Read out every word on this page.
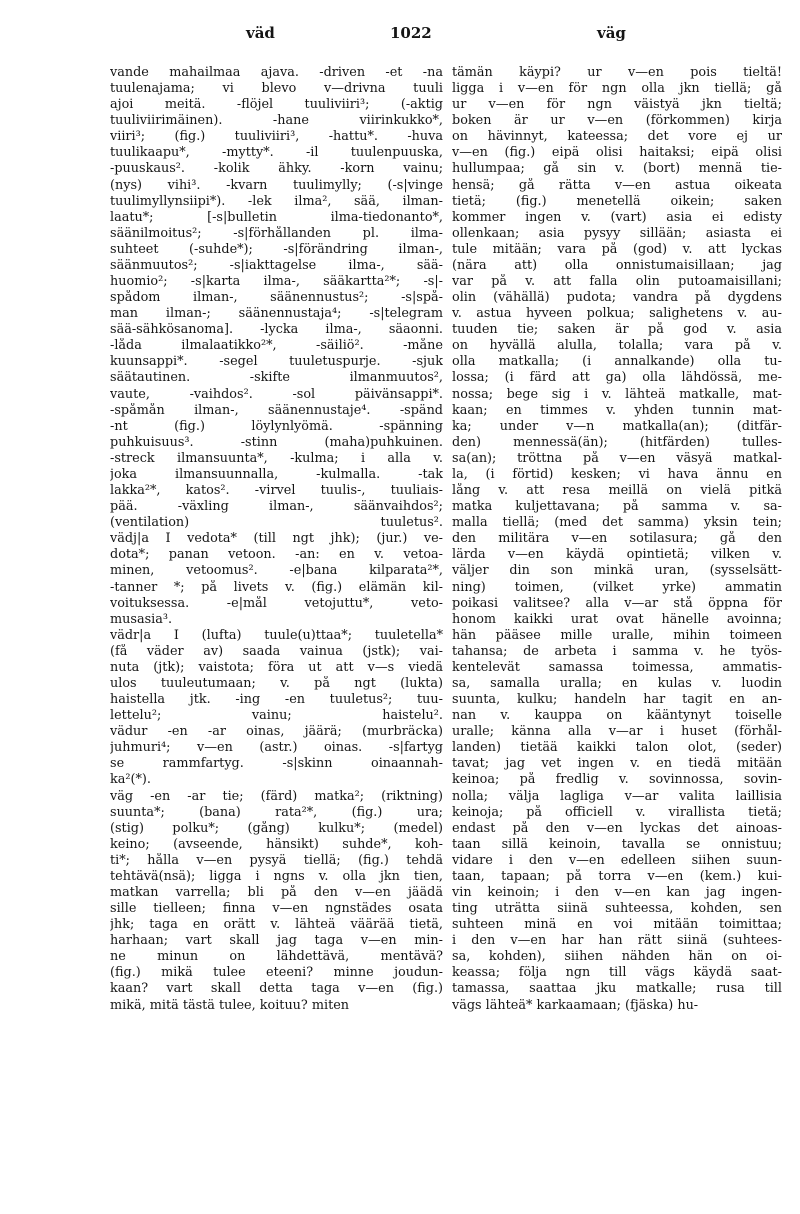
väd	1022	väg
vande mahailmaa ajava. -driven -et -na
tuulenajama; vi blevo v—drivna tuuli
ajoi meitä. -flöjel tuuliviiri³; (-aktig
tuuliviirimäinen). -hane viirinkukko*,
viiri³; (fig.) tuuliviiri³, -hattu*. -huva
tuulikaapu*, -mytty*. -il tuulenpuuska,
-puuskaus². -kolik ähky. -korn vainu;
(nys) vihi³. -kvarn tuulimylly; (-s|vinge
tuulimyllynsiipi*). -lek ilma², sää, ilman-
laatu*; [-s|bulletin ilma-tiedonanto*,
säänilmoitus²; -s|förhållanden pl. ilma-
suhteet (-suhde*); -s|förändring ilman-,
säänmuutos²; -s|iakttagelse ilma-, sää-
huomio²; -s|karta ilma-, sääkartta²*; -s|-
spådom ilman-, säänennustus²; -s|spå-
man ilman-; säänennustaja⁴; -s|telegram
sää-sähkösanoma]. -lycka ilma-, säaonni.
-låda ilmalaatikko²*, -säiliö². -måne
kuunsappi*. -segel tuuletuspurje. -sjuk
säätautinen. -skifte ilmanmuutos²,
vaute, -vaihdos². -sol päivänsappi*.
-spåmån ilman-, säänennustaje⁴. -spänd
-nt (fig.) löylynlyömä. -spänning
puhkuisuus³. -stinn (maha)puhkuinen.
-streck ilmansuunta*, -kulma; i alla v.
joka ilmansuunnalla, -kulmalla. -tak
lakka²*, katos². -virvel tuulis-, tuuliais-
pää. -växling ilman-, säänvaihdos²;
(ventilation) tuuletus².
vädj|a I vedota* (till ngt jhk); (jur.) ve-
dota*; panan vetoon. -an: en v. vetoa-
minen, vetoomus². -e|bana kilparata²*,
-tanner *; på livets v. (fig.) elämän kil-
voituksessa. -e|mål vetojuttu*, veto-
musasia³.
vädr|a I (lufta) tuule(u)ttaa*; tuuletella*
(få väder av) saada vainua (jstk); vai-
nuta (jtk); vaistota; föra ut att v—s viedä
ulos tuuleutumaan; v. på ngt (lukta)
haistella jtk. -ing -en tuuletus²; tuu-
lettelu²; vainu; haistelu².
vädur -en -ar oinas, jäärä; (murbräcka)
juhmuri⁴; v—en (astr.) oinas. -s|fartyg
se rammfartyg. -s|skinn oinaannah-
ka²(*).
väg -en -ar tie; (färd) matka²; (riktning)
suunta*; (bana) rata²*, (fig.) ura;
(stig) polku*; (gång) kulku*; (medel)
keino; (avseende, hänsikt) suhde*, koh-
ti*; hålla v—en pysyä tiellä; (fig.) tehdä
tehtävä(nsä); ligga i ngns v. olla jkn tien,
matkan varrella; bli på den v—en jäädä
sille tielleen; finna v—en ngnstädes osata
jhk; taga en orätt v. lähteä väärää tietä,
harhaan; vart skall jag taga v—en min-
ne minun on lähdettävä, mentävä?
(fig.) mikä tulee eteeni? minne joudun-
kaan? vart skall detta taga v—en (fig.)
mikä, mitä tästä tulee, koituu? miten
tämän käypi? ur v—en pois tieltä!
ligga i v—en för ngn olla jkn tiellä; gå
ur v—en för ngn väistyä jkn tieltä;
boken är ur v—en (förkommen) kirja
on hävinnyt, kateessa; det vore ej ur
v—en (fig.) eipä olisi haitaksi; eipä olisi
hullumpaa; gå sin v. (bort) mennä tie-
hensä; gå rätta v—en astua oikeata
tietä; (fig.) menetellä oikein; saken
kommer ingen v. (vart) asia ei edisty
ollenkaan; asia pysyy sillään; asiasta ei
tule mitään; vara på (god) v. att lyckas
(nära att) olla onnistumaisillaan; jag
var på v. att falla olin putoamaisillani;
olin (vähällä) pudota; vandra på dygdens
v. astua hyveen polkua; salighetens v. au-
tuuden tie; saken är på god v. asia
on hyvällä alulla, tolalla; vara på v.
olla matkalla; (i annalkande) olla tu-
lossa; (i färd att ga) olla lähdössä, me-
nossa; bege sig i v. lähteä matkalle, mat-
kaan; en timmes v. yhden tunnin mat-
ka; under v—n matkalla(an); (ditfär-
den) mennessä(än); (hitfärden) tulles-
sa(an); tröttna på v—en väsyä matkal-
la, (i förtid) kesken; vi hava ännu en
lång v. att resa meillä on vielä pitkä
matka kuljettavana; på samma v. sa-
malla tiellä; (med det samma) yksin tein;
den militära v—en sotilasura; gå den
lärda v—en käydä opintietä; vilken v.
väljer din son minkä uran, (sysselsätt-
ning) toimen, (vilket yrke) ammatin
poikasi valitsee? alla v—ar stå öppna för
honom kaikki urat ovat hänelle avoinna;
hän pääsee mille uralle, mihin toimeen
tahansa; de arbeta i samma v. he työs-
kentelevät samassa toimessa, ammatis-
sa, samalla uralla; en kulas v. luodin
suunta, kulku; handeln har tagit en an-
nan v. kauppa on kääntynyt toiselle
uralle; känna alla v—ar i huset (förhål-
landen) tietää kaikki talon olot, (seder)
tavat; jag vet ingen v. en tiedä mitään
keinoa; på fredlig v. sovinnossa, sovin-
nolla; välja lagliga v—ar valita laillisia
keinoja; på officiell v. virallista tietä;
endast på den v—en lyckas det ainoas-
taan sillä keinoin, tavalla se onnistuu;
vidare i den v—en edelleen siihen suun-
taan, tapaan; på torra v—en (kem.) kui-
vin keinoin; i den v—en kan jag ingen-
ting uträtta siinä suhteessa, kohden, sen
suhteen minä en voi mitään toimittaa;
i den v—en har han rätt siinä (suhtees-
sa, kohden), siihen nähden hän on oi-
keassa; följa ngn till vägs käydä saat-
tamassa, saattaa jku matkalle; rusa till
vägs lähteä* karkaamaan; (fjäska) hu-
